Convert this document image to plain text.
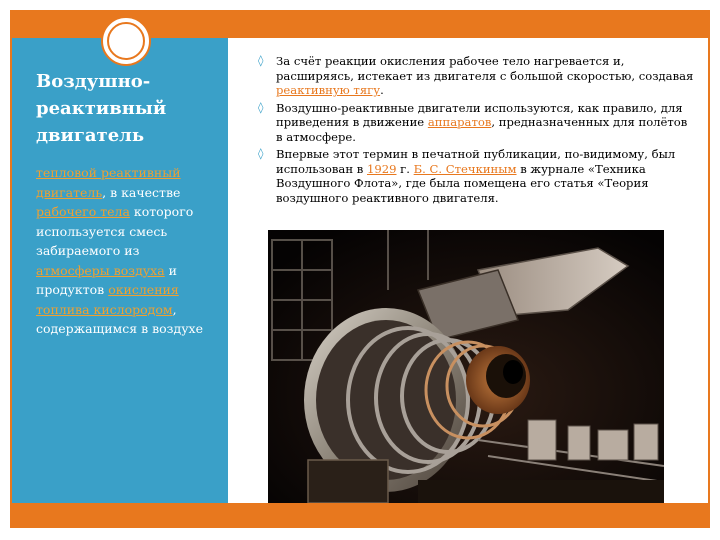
Воздушно-
реактивный
двигатель
тепловой реактивный двигатель, в качестве рабочего тела которого используется смесь забираемого из атмосферы воздуха и продуктов окисления топлива кислородом, содержащимся в воздухе
◊ За счёт реакции окисления рабочее тело нагревается и, расширяясь, истекает из двигателя с большой скоростью, создавая реактивную тягу.
◊ Воздушно-реактивные двигатели используются, как правило, для приведения в движение аппаратов, предназначенных для полётов в атмосфере.
◊ Впервые этот термин в печатной публикации, по-видимому, был использован в 1929 г. Б. С. Стечкиным в журнале «Техника Воздушного Флота», где была помещена его статья «Теория воздушного реактивного двигателя.
